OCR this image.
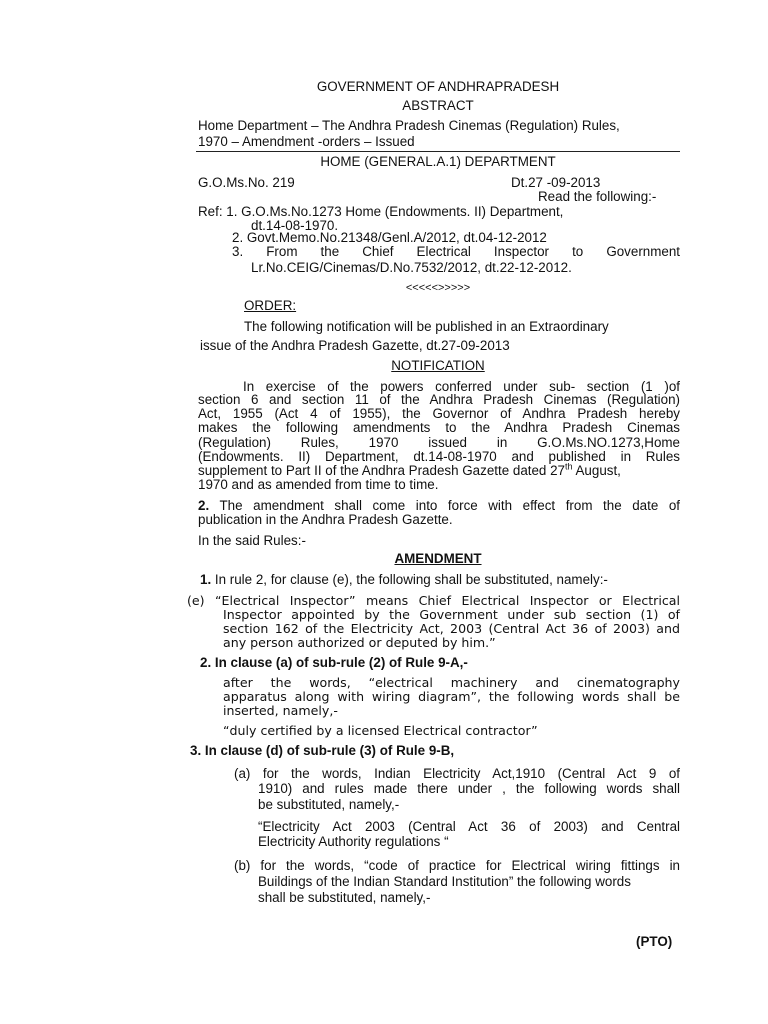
GOVERNMENT OF ANDHRAPRADESH
ABSTRACT
Home Department – The Andhra Pradesh Cinemas (Regulation) Rules,
1970 – Amendment -orders – Issued
HOME (GENERAL.A.1) DEPARTMENT
G.O.Ms.No. 219	Dt.27 -09-2013
Read the following:-
Ref: 1. G.O.Ms.No.1273 Home (Endowments. II) Department,
dt.14-08-1970.
2. Govt.Memo.No.21348/Genl.A/2012, dt.04-12-2012
3. From the Chief Electrical Inspector to Government
Lr.No.CEIG/Cinemas/D.No.7532/2012, dt.22-12-2012.
<<<<<>>>>>
ORDER:
The following notification will be published in an Extraordinary
issue of the Andhra Pradesh Gazette, dt.27-09-2013
NOTIFICATION
In exercise of the powers conferred under sub- section (1 )of
section 6 and section 11 of the Andhra Pradesh Cinemas (Regulation)
Act, 1955 (Act 4 of 1955), the Governor of Andhra Pradesh hereby
makes the following amendments to the Andhra Pradesh Cinemas
(Regulation) Rules, 1970 issued in G.O.Ms.NO.1273,Home
(Endowments. II) Department, dt.14-08-1970 and published in Rules
supplement to Part II of the Andhra Pradesh Gazette dated 27th August,
1970 and as amended from time to time.
2. The amendment shall come into force with effect from the date of
publication in the Andhra Pradesh Gazette.
In the said Rules:-
AMENDMENT
1. In rule 2, for clause (e), the following shall be substituted, namely:-
(e) “Electrical Inspector” means Chief Electrical Inspector or Electrical
Inspector appointed by the Government under sub section (1) of
section 162 of the Electricity Act, 2003 (Central Act 36 of 2003) and
any person authorized or deputed by him.”
2. In clause (a) of sub-rule (2) of Rule 9-A,-
after the words, “electrical machinery and cinematography
apparatus along with wiring diagram”, the following words shall be
inserted, namely,-
“duly certified by a licensed Electrical contractor”
3. In clause (d) of sub-rule (3) of Rule 9-B,
(a) for the words, Indian Electricity Act,1910 (Central Act 9 of
1910) and rules made there under , the following words shall
be substituted, namely,-
“Electricity Act 2003 (Central Act 36 of 2003) and Central
Electricity Authority regulations “
(b) for the words, “code of practice for Electrical wiring fittings in
Buildings of the Indian Standard Institution” the following words
shall be substituted, namely,-
(PTO)
